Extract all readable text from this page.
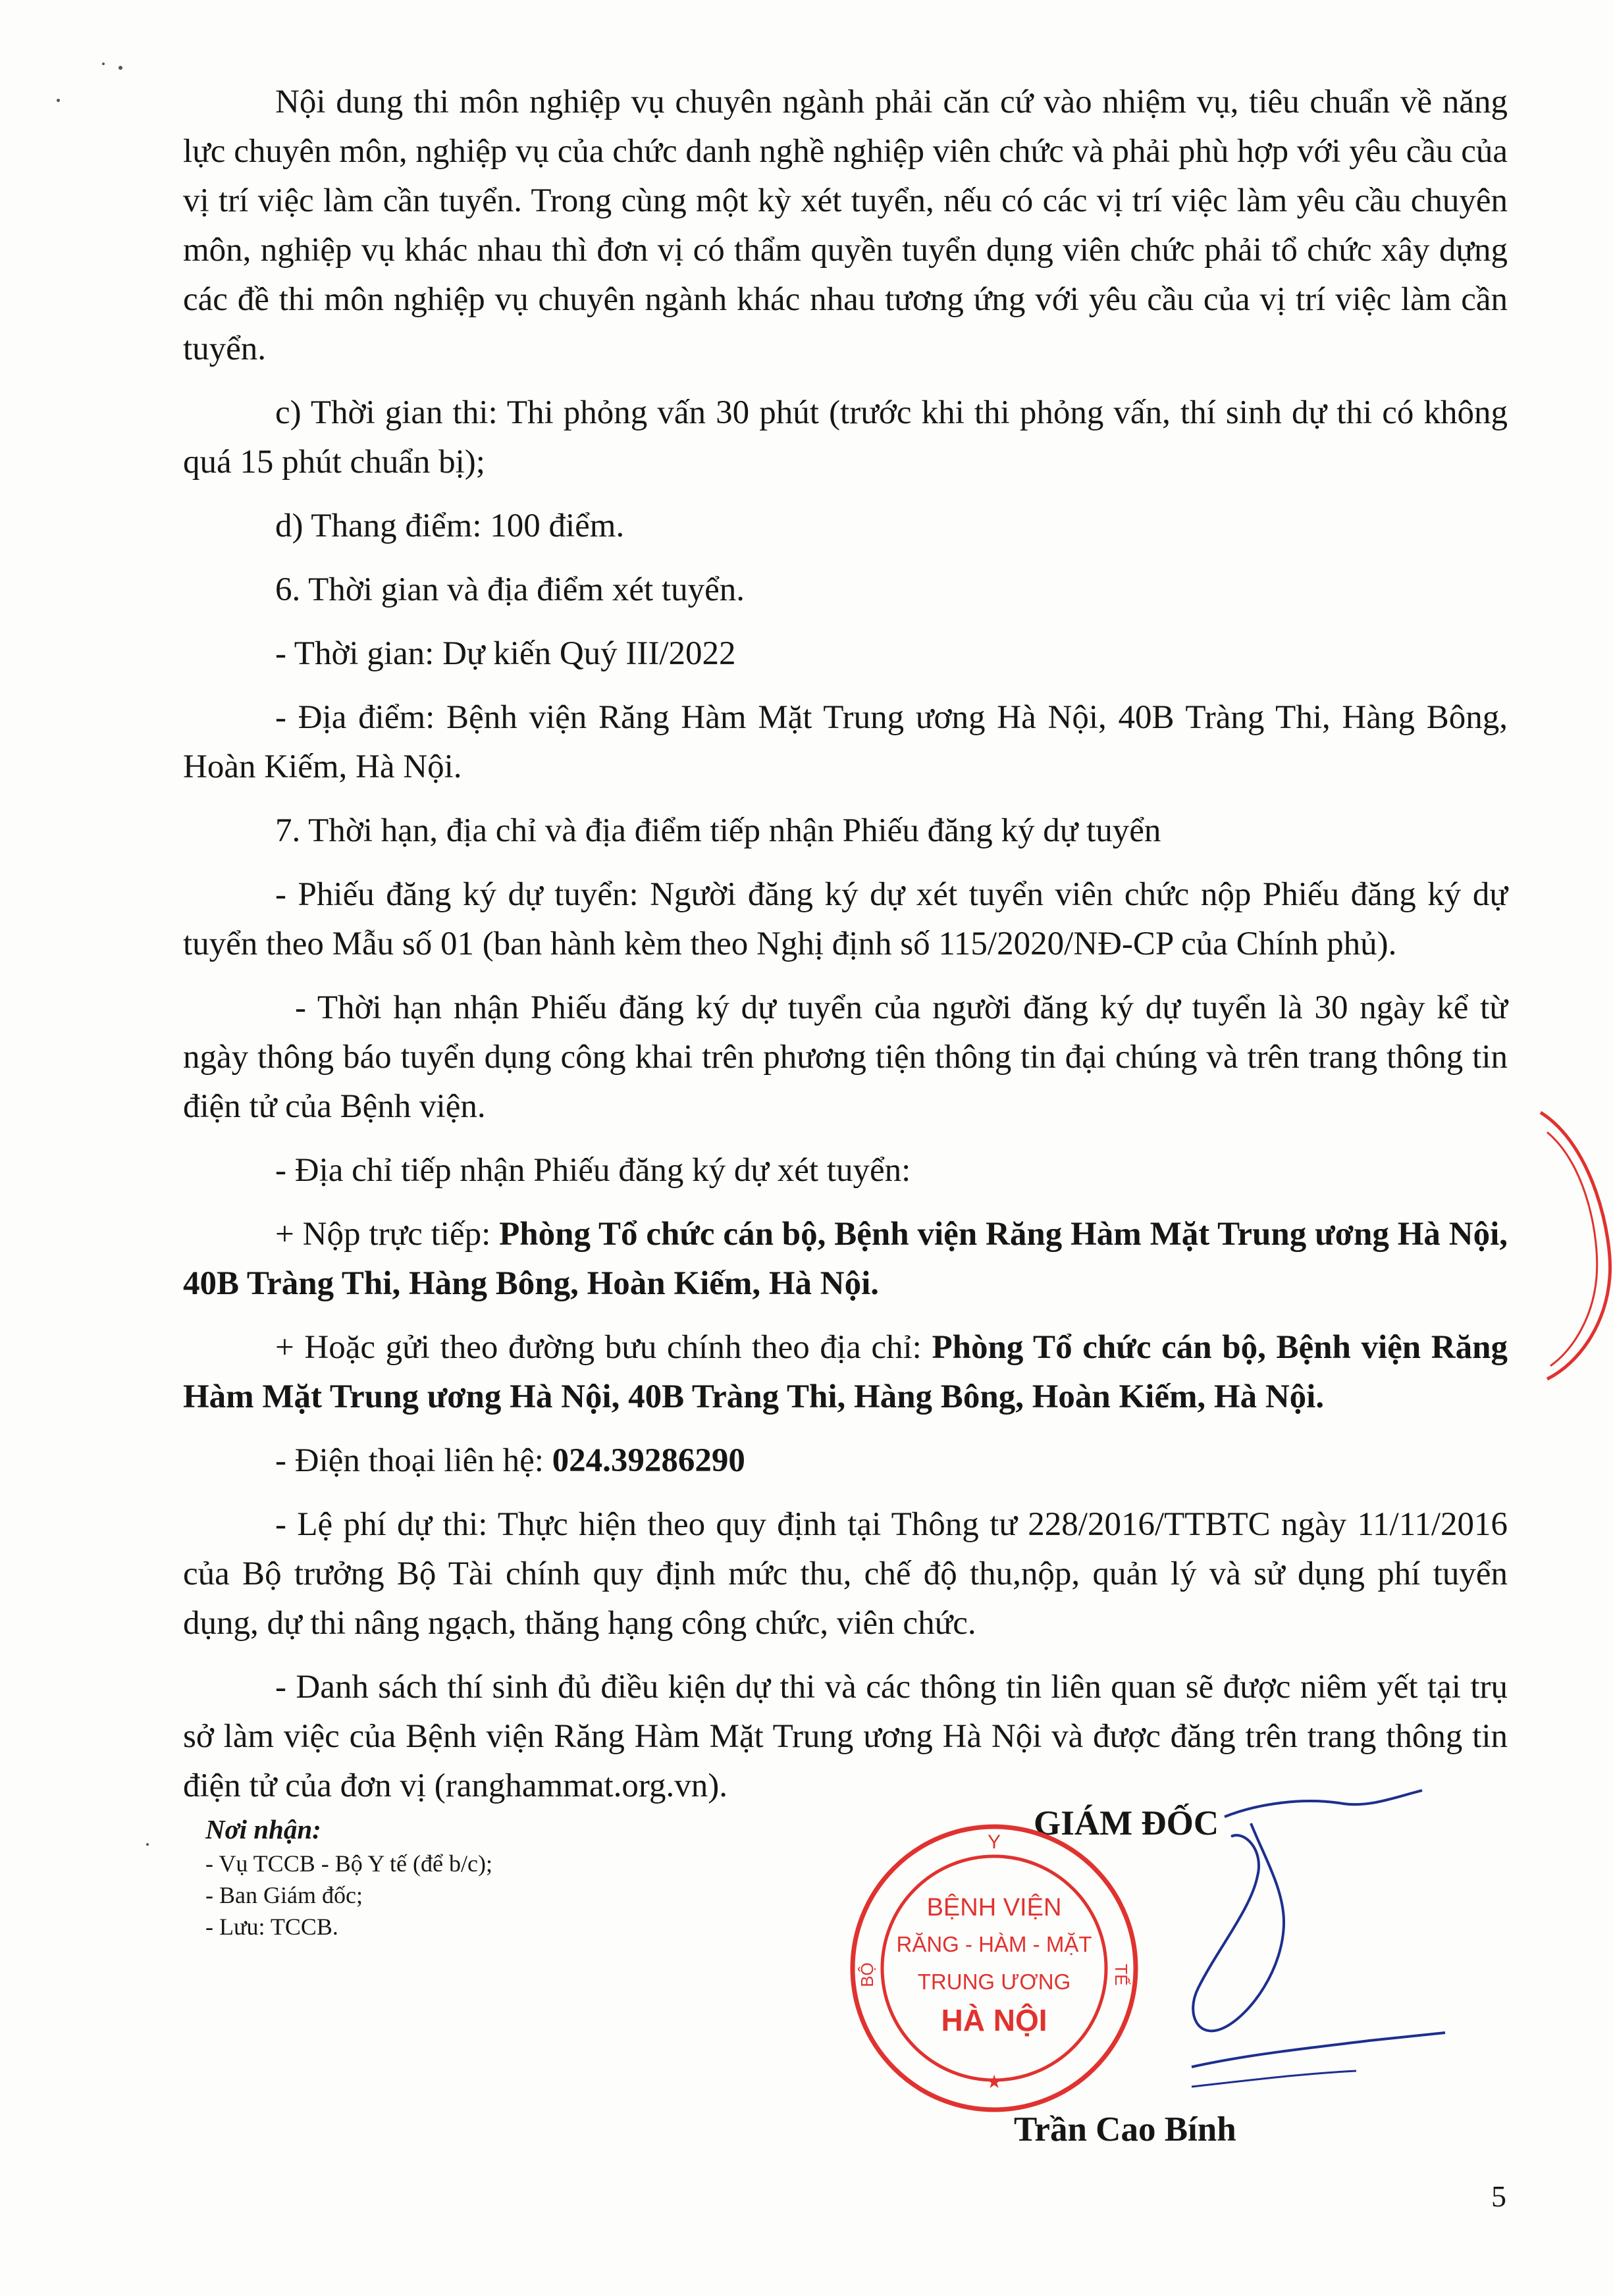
Nội dung thi môn nghiệp vụ chuyên ngành phải căn cứ vào nhiệm vụ, tiêu chuẩn về năng lực chuyên môn, nghiệp vụ của chức danh nghề nghiệp viên chức và phải phù hợp với yêu cầu của vị trí việc làm cần tuyển. Trong cùng một kỳ xét tuyển, nếu có các vị trí việc làm yêu cầu chuyên môn, nghiệp vụ khác nhau thì đơn vị có thẩm quyền tuyển dụng viên chức phải tổ chức xây dựng các đề thi môn nghiệp vụ chuyên ngành khác nhau tương ứng với yêu cầu của vị trí việc làm cần tuyển.

c) Thời gian thi: Thi phỏng vấn 30 phút (trước khi thi phỏng vấn, thí sinh dự thi có không quá 15 phút chuẩn bị);

d) Thang điểm: 100 điểm.

6. Thời gian và địa điểm xét tuyển.

- Thời gian: Dự kiến Quý III/2022

- Địa điểm: Bệnh viện Răng Hàm Mặt Trung ương Hà Nội, 40B Tràng Thi, Hàng Bông, Hoàn Kiếm, Hà Nội.

7. Thời hạn, địa chỉ và địa điểm tiếp nhận Phiếu đăng ký dự tuyển

- Phiếu đăng ký dự tuyển: Người đăng ký dự xét tuyển viên chức nộp Phiếu đăng ký dự tuyển theo Mẫu số 01 (ban hành kèm theo Nghị định số 115/2020/NĐ-CP của Chính phủ).

- Thời hạn nhận Phiếu đăng ký dự tuyển của người đăng ký dự tuyển là 30 ngày kể từ ngày thông báo tuyển dụng công khai trên phương tiện thông tin đại chúng và trên trang thông tin điện tử của Bệnh viện.

- Địa chỉ tiếp nhận Phiếu đăng ký dự xét tuyển:

+ Nộp trực tiếp: Phòng Tổ chức cán bộ, Bệnh viện Răng Hàm Mặt Trung ương Hà Nội, 40B Tràng Thi, Hàng Bông, Hoàn Kiếm, Hà Nội.

+ Hoặc gửi theo đường bưu chính theo địa chỉ: Phòng Tổ chức cán bộ, Bệnh viện Răng Hàm Mặt Trung ương Hà Nội, 40B Tràng Thi, Hàng Bông, Hoàn Kiếm, Hà Nội.

- Điện thoại liên hệ: 024.39286290

- Lệ phí dự thi: Thực hiện theo quy định tại Thông tư 228/2016/TTBTC ngày 11/11/2016 của Bộ trưởng Bộ Tài chính quy định mức thu, chế độ thu,nộp, quản lý và sử dụng phí tuyển dụng, dự thi nâng ngạch, thăng hạng công chức, viên chức.

- Danh sách thí sinh đủ điều kiện dự thi và các thông tin liên quan sẽ được niêm yết tại trụ sở làm việc của Bệnh viện Răng Hàm Mặt Trung ương Hà Nội và được đăng trên trang thông tin điện tử của đơn vị (ranghammat.org.vn).

Nơi nhận:

- Vụ TCCB - Bộ Y tế (để b/c);

- Ban Giám đốc;

- Lưu: TCCB.

GIÁM ĐỐC
Y
BỘ	TẾ
BỆNH VIỆN
RĂNG - HÀM - MẶT
TRUNG ƯƠNG
HÀ NỘI
★
Trần Cao Bính
5
